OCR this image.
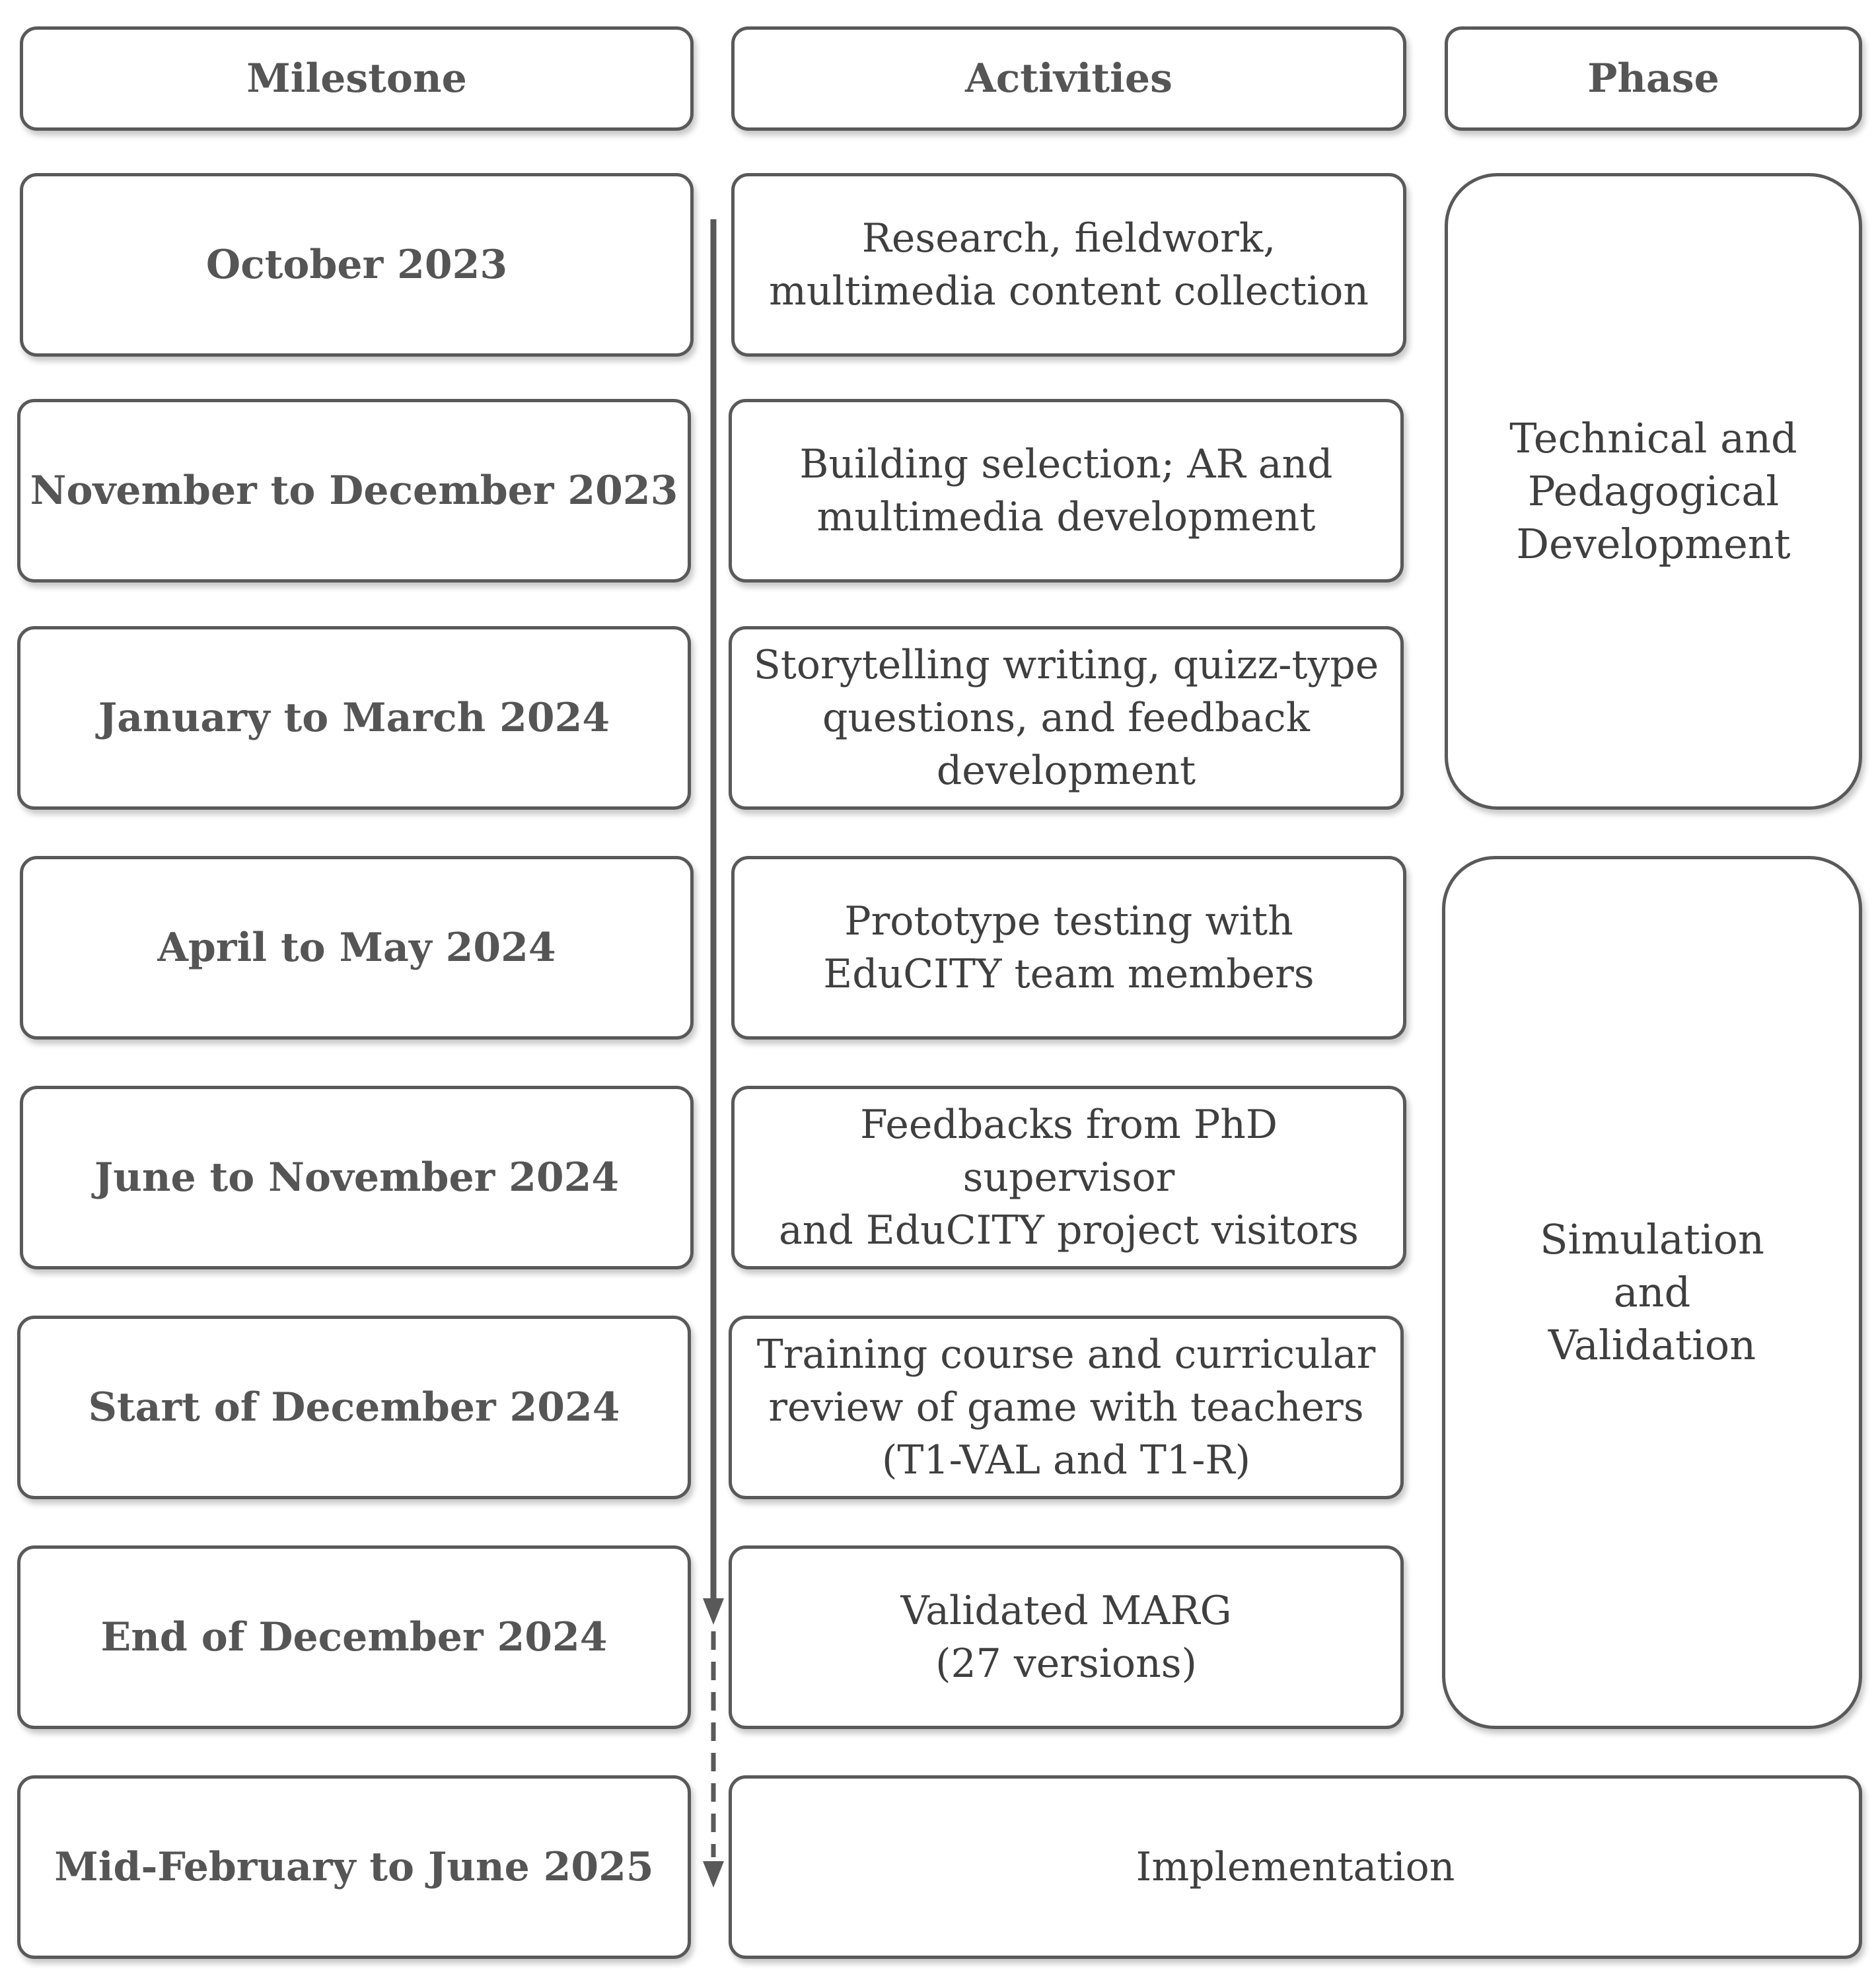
Milestone	Activities	Phase
October 2023
November to December 2023
January to March 2024
April to May 2024
June to November 2024
Start of December 2024
End of December 2024
Mid-February to June 2025
Research, fieldwork,
multimedia content collection
Building selection; AR and
multimedia development
Storytelling writing, quizz-type
questions, and feedback
development
Prototype testing with
EduCITY team members
Feedbacks from PhD supervisor
and EduCITY project visitors
Training course and curricular
review of game with teachers
(T1-VAL and T1-R)
Validated MARG
(27 versions)
Implementation
Technical and
Pedagogical
Development
Simulation
and
Validation
